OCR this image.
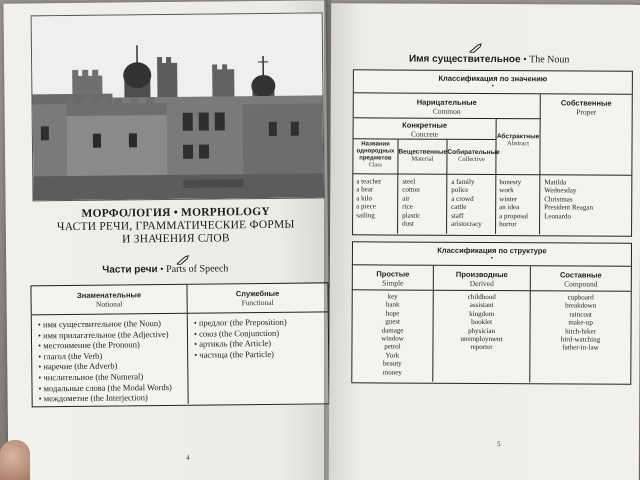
МОРФОЛОГИЯ • MORPHOLOGY
ЧАСТИ РЕЧИ, ГРАММАТИЧЕСКИЕ ФОРМЫ
И ЗНАЧЕНИЯ СЛОВ
Части речи • Parts of Speech
Знаменательные
Notional
Служебные
Functional
• имя существительное (the Noun)
• имя прилагательное (the Adjective)
• местоимение (the Pronoun)
• глагол (the Verb)
• наречие (the Adverb)
• числительное (the Numeral)
• модальные слова (the Modal Words)
• междометие (the Interjection)
• предлог (the Preposition)
• союз (the Conjunction)
• артикль (the Article)
• частица (the Particle)
4
Имя существительное • The Noun
Классификация по значению
•
Нарицательные
Common
Собственные
Proper
Конкретные
Concrete	Абстрактные
Abstract
Названия однородных предметов
Class
Вещественные
Material
Собирательные
Collective
a teacher
a bear
a kilo
a piece
sailing
steel
cotton
air
rice
plastic
dust
a family
police
a crowd
cattle
staff
aristocracy
honesty
work
winter
an idea
a proposal
horror
Matilda
Wednesday
Christmas
President Reagan
Leonardo
Классификация по структуре
•
Простые
Simple
Производные
Derived
Составные
Compound
key
bank
hope
guest
damage
window
petrol
York
beauty
money
childhood
assistant
kingdom
booklet
physician
unemployment
reporter
cupboard
breakdown
raincoat
make-up
hitch-hiker
bird-watching
father-in-law
5
